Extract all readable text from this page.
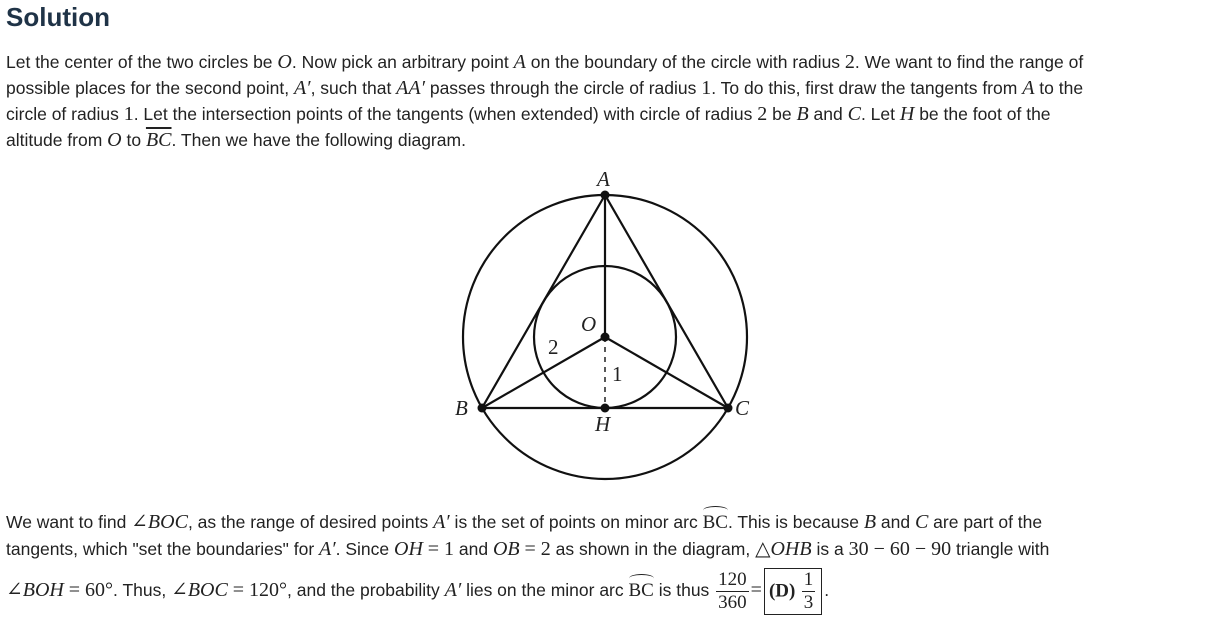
Solution
Let the center of the two circles be O. Now pick an arbitrary point A on the boundary of the circle with radius 2. We want to find the range of
possible places for the second point, A′, such that AA′ passes through the circle of radius 1. To do this, first draw the tangents from A to the
circle of radius 1. Let the intersection points of the tangents (when extended) with circle of radius 2 be B and C. Let H be the foot of the
altitude from O to $\overline{BC}$. Then we have the following diagram.
A
O
B	C
H
2
1
We want to find ∠BOC, as the range of desired points A′ is the set of points on minor arc BC. This is because B and C are part of the
tangents, which "set the boundaries" for A′. Since OH = 1 and OB = 2 as shown in the diagram, △OHB is a 30 − 60 − 90 triangle with
∠BOH = 60°. Thus, ∠BOC = 120°, and the probability A′ lies on the minor arc BC is thus $\frac{120}{360} = (D) \frac{1}{3}$ .
